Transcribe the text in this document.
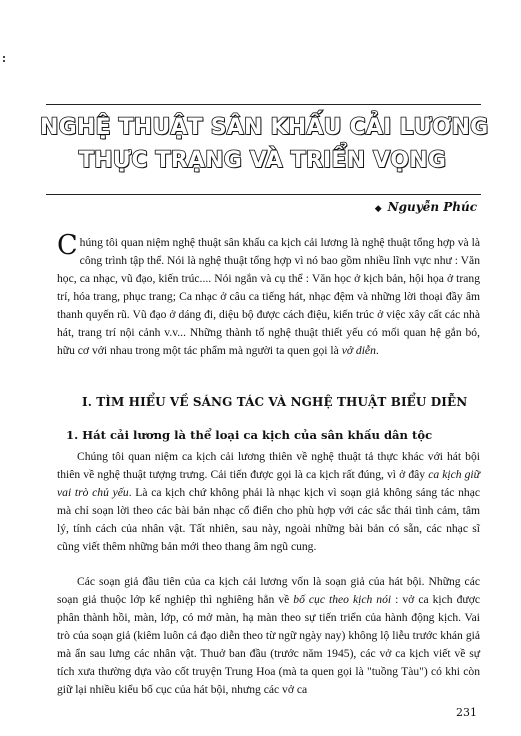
NGHỆ THUẬT SÂN KHẤU CẢI LƯƠNG
THỰC TRẠNG VÀ TRIỂN VỌNG
◆ Nguyễn Phúc
Chúng tôi quan niệm nghệ thuật sân khấu ca kịch cải lương là nghệ thuật tổng hợp và là công trình tập thể. Nói là nghệ thuật tổng hợp vì nó bao gồm nhiều lĩnh vực như : Văn học, ca nhạc, vũ đạo, kiến trúc.... Nói ngắn và cụ thể : Văn học ở kịch bản, hội họa ở trang trí, hóa trang, phục trang; Ca nhạc ở câu ca tiếng hát, nhạc đệm và những lời thoại đầy âm thanh quyến rũ. Vũ đạo ở dáng đi, diệu bộ được cách điệu, kiến trúc ở việc xây cất các nhà hát, trang trí nội cảnh v.v... Những thành tố nghệ thuật thiết yếu có mối quan hệ gắn bó, hữu cơ với nhau trong một tác phẩm mà người ta quen gọi là vở diễn.
I. TÌM HIỂU VỀ SÁNG TÁC VÀ NGHỆ THUẬT BIỂU DIỄN
1. Hát cải lương là thể loại ca kịch của sân khấu dân tộc

Chúng tôi quan niệm ca kịch cải lương thiên về nghệ thuật tả thực khác với hát bội thiên về nghệ thuật tượng trưng. Cải tiến được gọi là ca kịch rất đúng, vì ở đây ca kịch giữ vai trò chủ yếu. Là ca kịch chứ không phải là nhạc kịch vì soạn giả không sáng tác nhạc mà chỉ soạn lời theo các bài bản nhạc cổ điển cho phù hợp với các sắc thái tình cảm, tâm lý, tính cách của nhân vật. Tất nhiên, sau này, ngoài những bài bản có sẵn, các nhạc sĩ cũng viết thêm những bản mới theo thang âm ngũ cung.

Các soạn giả đầu tiên của ca kịch cải lương vốn là soạn giả của hát bội. Những các soạn giả thuộc lớp kế nghiệp thì nghiêng hẳn về bố cục theo kịch nói : vở ca kịch được phân thành hồi, màn, lớp, có mở màn, hạ màn theo sự tiến triển của hành động kịch. Vai trò của soạn giả (kiêm luôn cả đạo diễn theo từ ngữ ngày nay) không lộ liễu trước khán giả mà ẩn sau lưng các nhân vật. Thuở ban đầu (trước năm 1945), các vở ca kịch viết về sự tích xưa thường dựa vào cốt truyện Trung Hoa (mà ta quen gọi là "tuồng Tàu") có khi còn giữ lại nhiều kiểu bố cục của hát bội, nhưng các vở ca

231
